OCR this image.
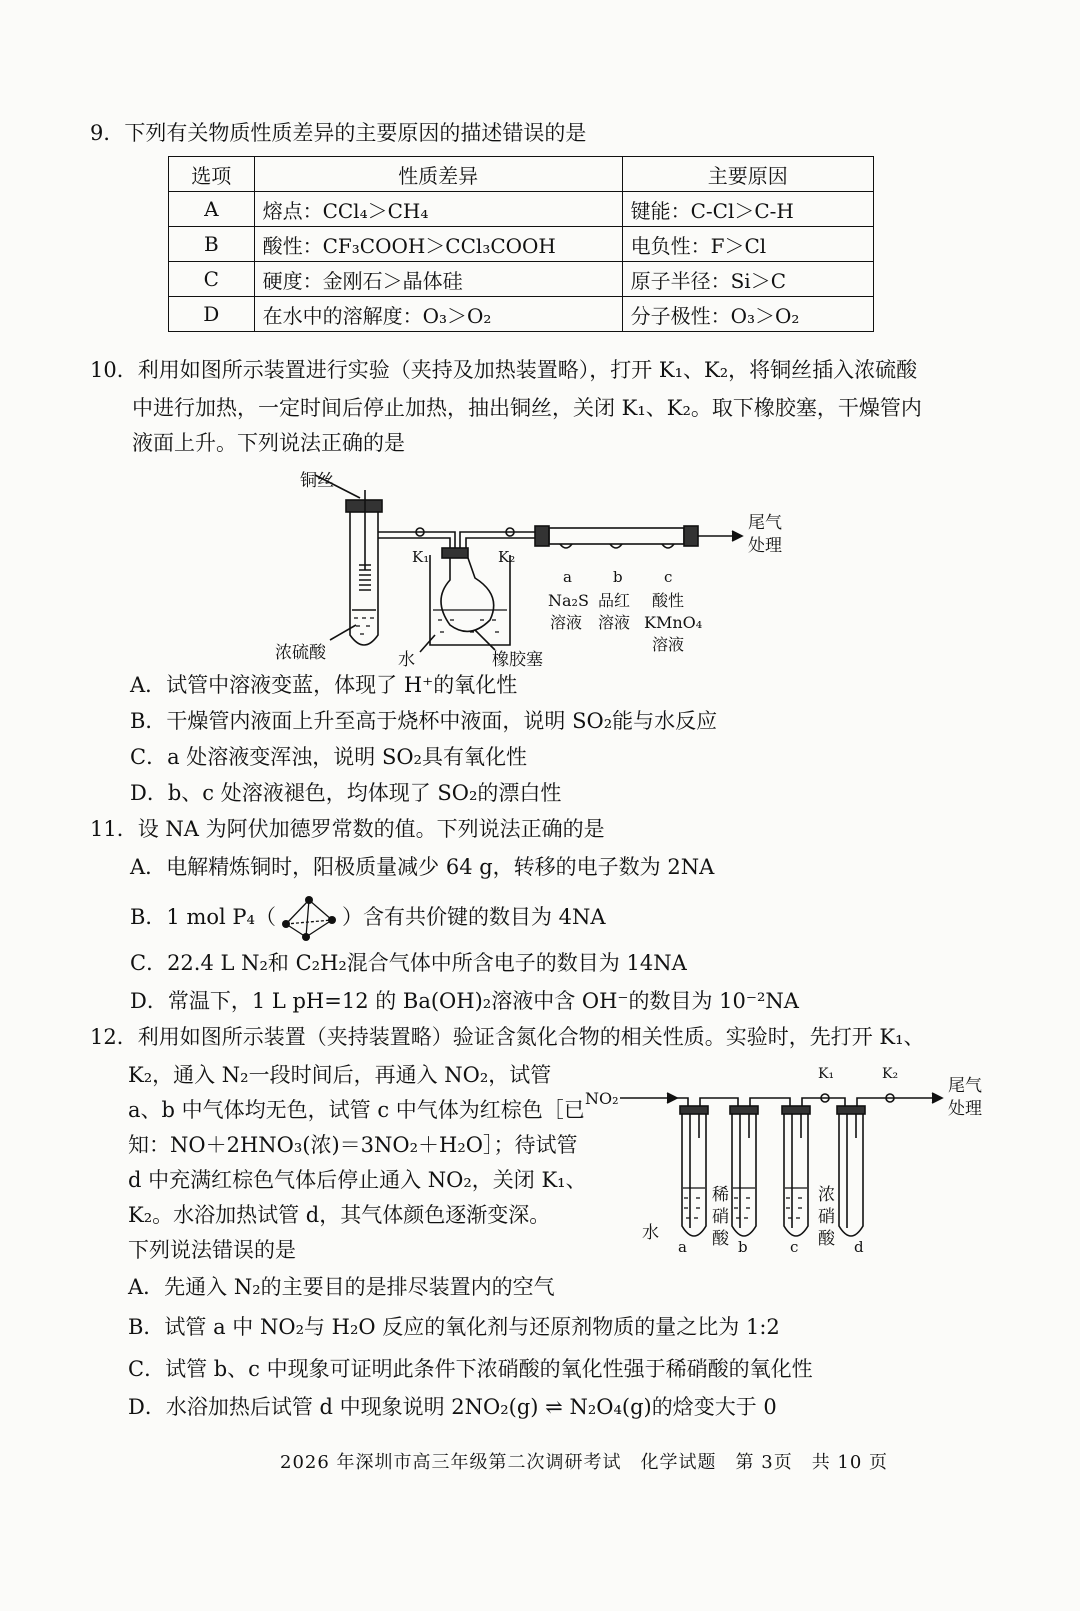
9．下列有关物质性质差异的主要原因的描述错误的是
选项	性质差异	主要原因
A	熔点：CCl₄＞CH₄	键能：C-Cl＞C-H
B	酸性：CF₃COOH＞CCl₃COOH	电负性：F＞Cl
C	硬度：金刚石＞晶体硅	原子半径：Si＞C
D	在水中的溶解度：O₃＞O₂	分子极性：O₃＞O₂
10．利用如图所示装置进行实验（夹持及加热装置略），打开 K₁、K₂，将铜丝插入浓硫酸
中进行加热，一定时间后停止加热，抽出铜丝，关闭 K₁、K₂。取下橡胶塞，干燥管内
液面上升。下列说法正确的是
铜丝
浓硫酸	水	橡胶塞
K₁	K₂
尾气
处理
a	b	c
Na₂S
溶液
品红
溶液
酸性
KMnO₄
溶液
A．试管中溶液变蓝，体现了 H⁺的氧化性
B．干燥管内液面上升至高于烧杯中液面，说明 SO₂能与水反应
C．a 处溶液变浑浊，说明 SO₂具有氧化性
D．b、c 处溶液褪色，均体现了 SO₂的漂白性
11．设 NA 为阿伏加德罗常数的值。下列说法正确的是
A．电解精炼铜时，阳极质量减少 64 g，转移的电子数为 2NA
B．1 mol P₄（	）含有共价键的数目为 4NA
C．22.4 L N₂和 C₂H₂混合气体中所含电子的数目为 14NA
D．常温下，1 L pH=12 的 Ba(OH)₂溶液中含 OH⁻的数目为 10⁻²NA
12．利用如图所示装置（夹持装置略）验证含氮化合物的相关性质。实验时，先打开 K₁、
K₂，通入 N₂一段时间后，再通入 NO₂，试管
a、b 中气体均无色，试管 c 中气体为红棕色［已
知：NO＋2HNO₃(浓)＝3NO₂＋H₂O］；待试管
d 中充满红棕色气体后停止通入 NO₂，关闭 K₁、
K₂。水浴加热试管 d，其气体颜色逐渐变深。
下列说法错误的是
NO₂
K₁	K₂
尾气
处理
水
稀
硝
酸
浓
硝
酸
a	b	c	d
A．先通入 N₂的主要目的是排尽装置内的空气
B．试管 a 中 NO₂与 H₂O 反应的氧化剂与还原剂物质的量之比为 1:2
C．试管 b、c 中现象可证明此条件下浓硝酸的氧化性强于稀硝酸的氧化性
D．水浴加热后试管 d 中现象说明 2NO₂(g) ⇌ N₂O₄(g)的焓变大于 0
2026 年深圳市高三年级第二次调研考试　化学试题　第 3页　共 10 页
